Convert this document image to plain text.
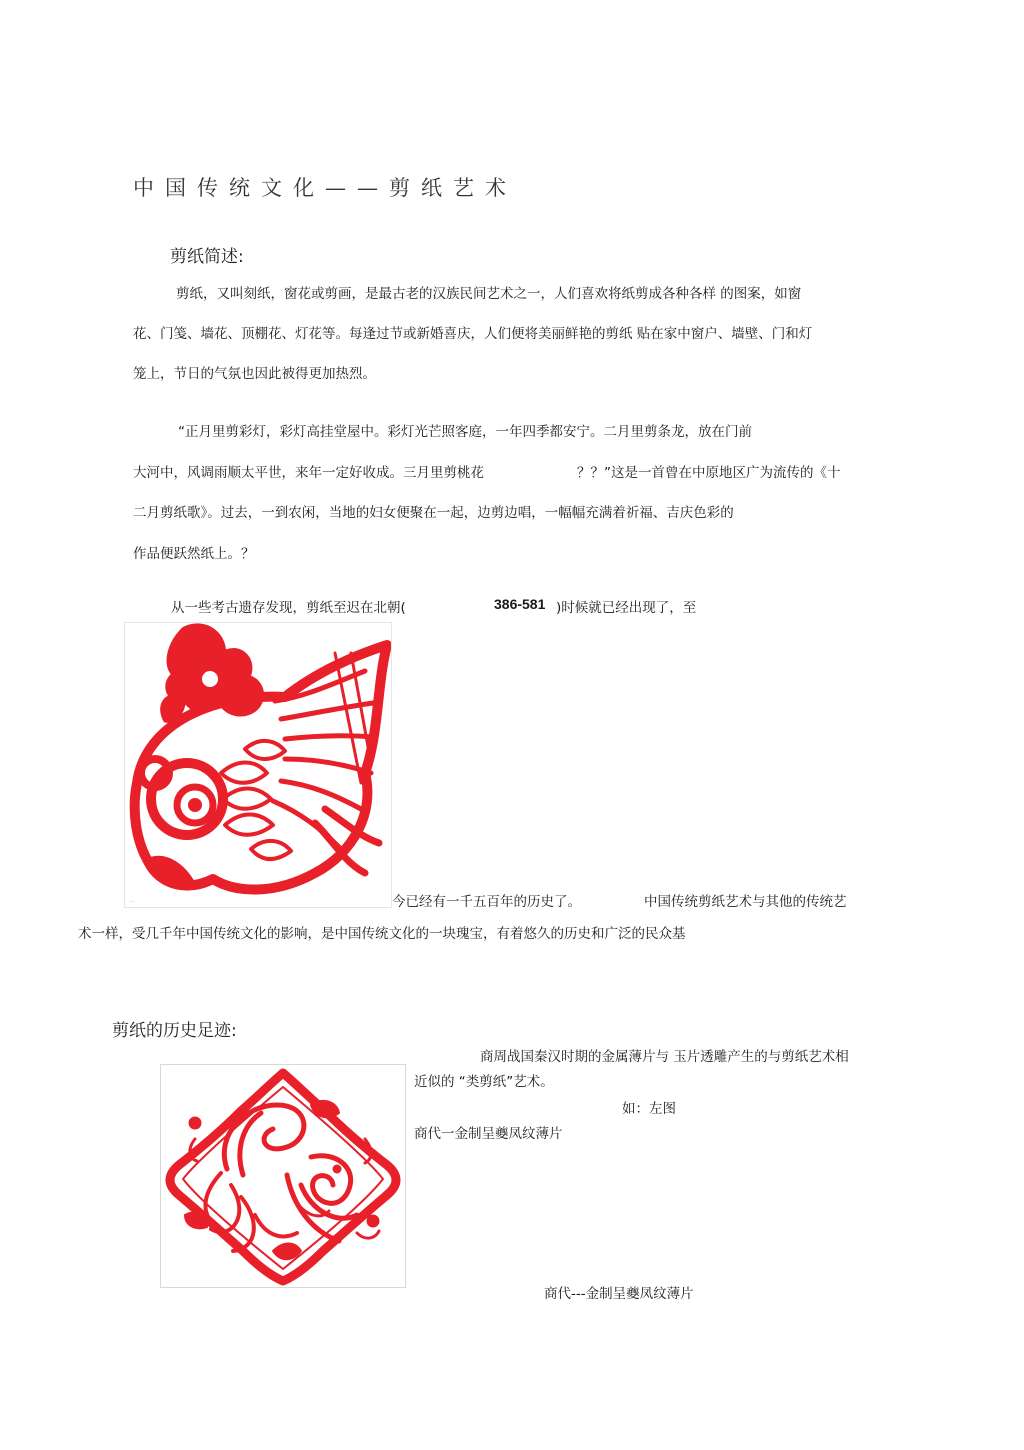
中国传统文化——剪纸艺术
剪纸简述:
剪纸，又叫刻纸，窗花或剪画，是最古老的汉族民间艺术之一，人们喜欢将纸剪成各种各样 的图案，如窗
花、门笺、墙花、顶棚花、灯花等。每逢过节或新婚喜庆，人们便将美丽鲜艳的剪纸 贴在家中窗户、墙壁、门和灯
笼上，节日的气氛也因此被得更加热烈。
“正月里剪彩灯，彩灯高挂堂屋中。彩灯光芒照客庭，一年四季都安宁。二月里剪条龙，放在门前
大河中，风调雨顺太平世，来年一定好收成。三月里剪桃花	？？”这是一首曾在中原地区广为流传的《十
二月剪纸歌》。过去，一到农闲，当地的妇女便聚在一起，边剪边唱，一幅幅充满着祈福、吉庆色彩的
作品便跃然纸上。？
从一些考古遗存发现，剪纸至迟在北朝(	386-581 )时候就已经出现了，至
...	今已经有一千五百年的历史了。	中国传统剪纸艺术与其他的传统艺
术一样，受几千年中国传统文化的影响，是中国传统文化的一块瑰宝，有着悠久的历史和广泛的民众基
剪纸的历史足迹:
商周战国秦汉时期的金属薄片与 玉片透雕产生的与剪纸艺术相
近似的 “类剪纸”艺术。
如：左图
商代一金制呈夔凤纹薄片
商代---金制呈夔凤纹薄片
